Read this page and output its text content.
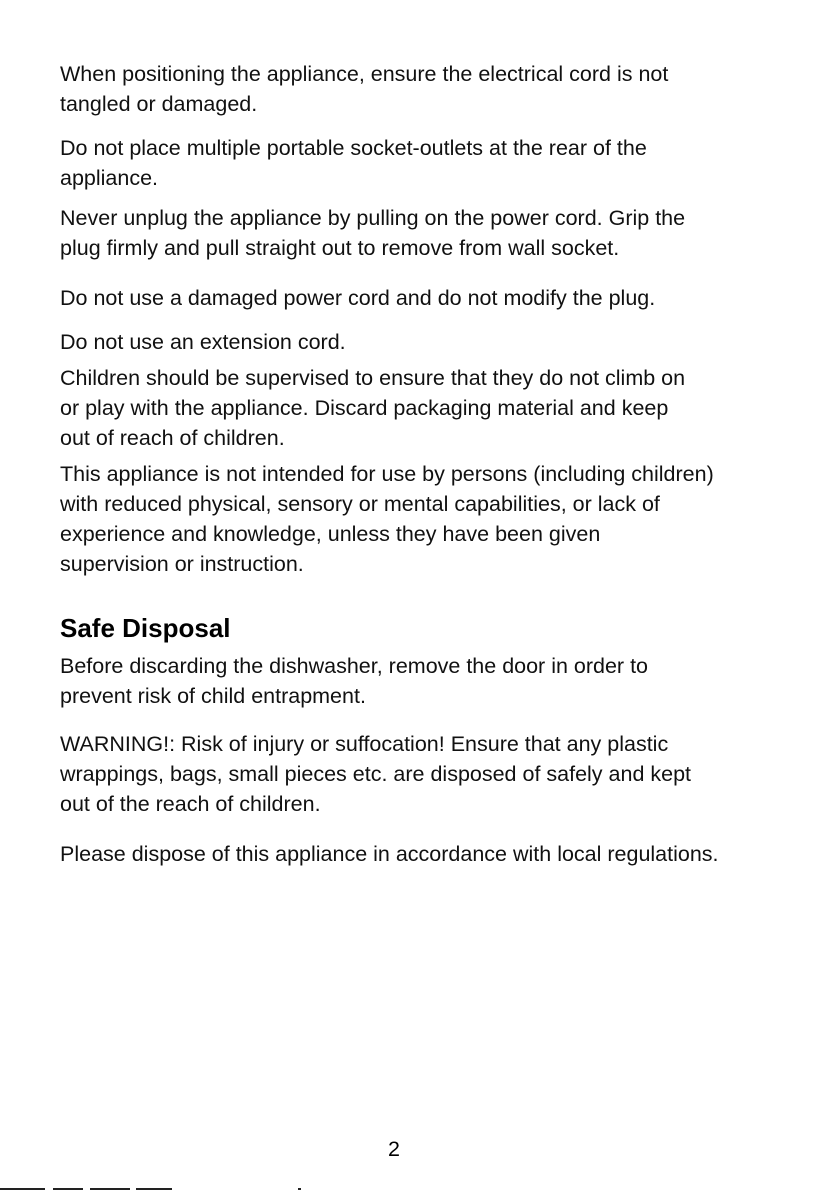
When positioning the appliance, ensure the electrical cord is not
tangled or damaged.

Do not place multiple portable socket-outlets at the rear of the
appliance.

Never unplug the appliance by pulling on the power cord. Grip the
plug firmly and pull straight out to remove from wall socket.

Do not use a damaged power cord and do not modify the plug.

Do not use an extension cord.

Children should be supervised to ensure that they do not climb on
or play with the appliance. Discard packaging material and keep
out of reach of children.

This appliance is not intended for use by persons (including children)
with reduced physical, sensory or mental capabilities, or lack of
experience and knowledge, unless they have been given
supervision or instruction.

Safe Disposal

Before discarding the dishwasher, remove the door in order to
prevent risk of child entrapment.

WARNING!: Risk of injury or suffocation! Ensure that any plastic
wrappings, bags, small pieces etc. are disposed of safely and kept
out of the reach of children.

Please dispose of this appliance in accordance with local regulations.

2
